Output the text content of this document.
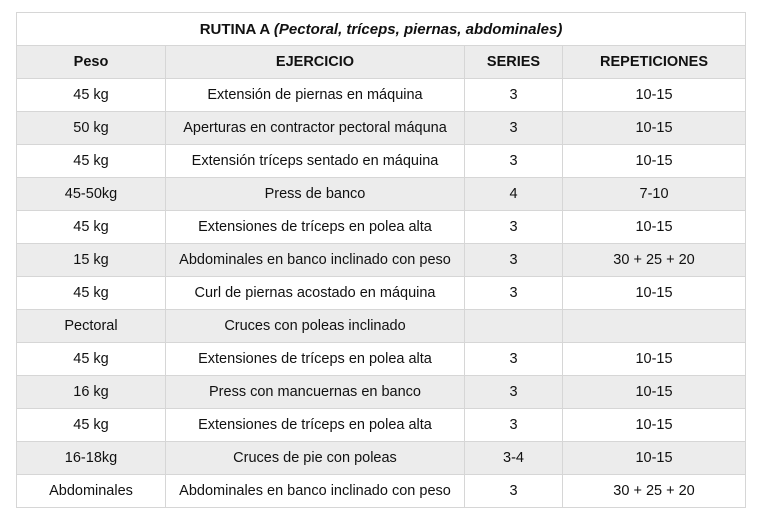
RUTINA A (Pectoral, tríceps, piernas, abdominales)			
Peso	EJERCICIO	SERIES	REPETICIONES
45 kg	Extensión de piernas en máquina	3	10-15
50 kg	Aperturas en contractor pectoral máquna	3	10-15
45 kg	Extensión tríceps sentado en máquina	3	10-15
45-50kg	Press de banco	4	7-10
45 kg	Extensiones de tríceps en polea alta	3	10-15
15 kg	Abdominales en banco inclinado con peso	3	30 + 25 + 20
45 kg	Curl de piernas acostado en máquina	3	10-15
Pectoral	Cruces con poleas inclinado		
45 kg	Extensiones de tríceps en polea alta	3	10-15
16 kg	Press con mancuernas en banco	3	10-15
45 kg	Extensiones de tríceps en polea alta	3	10-15
16-18kg	Cruces de pie con poleas	3-4	10-15
Abdominales	Abdominales en banco inclinado con peso	3	30 + 25 + 20
